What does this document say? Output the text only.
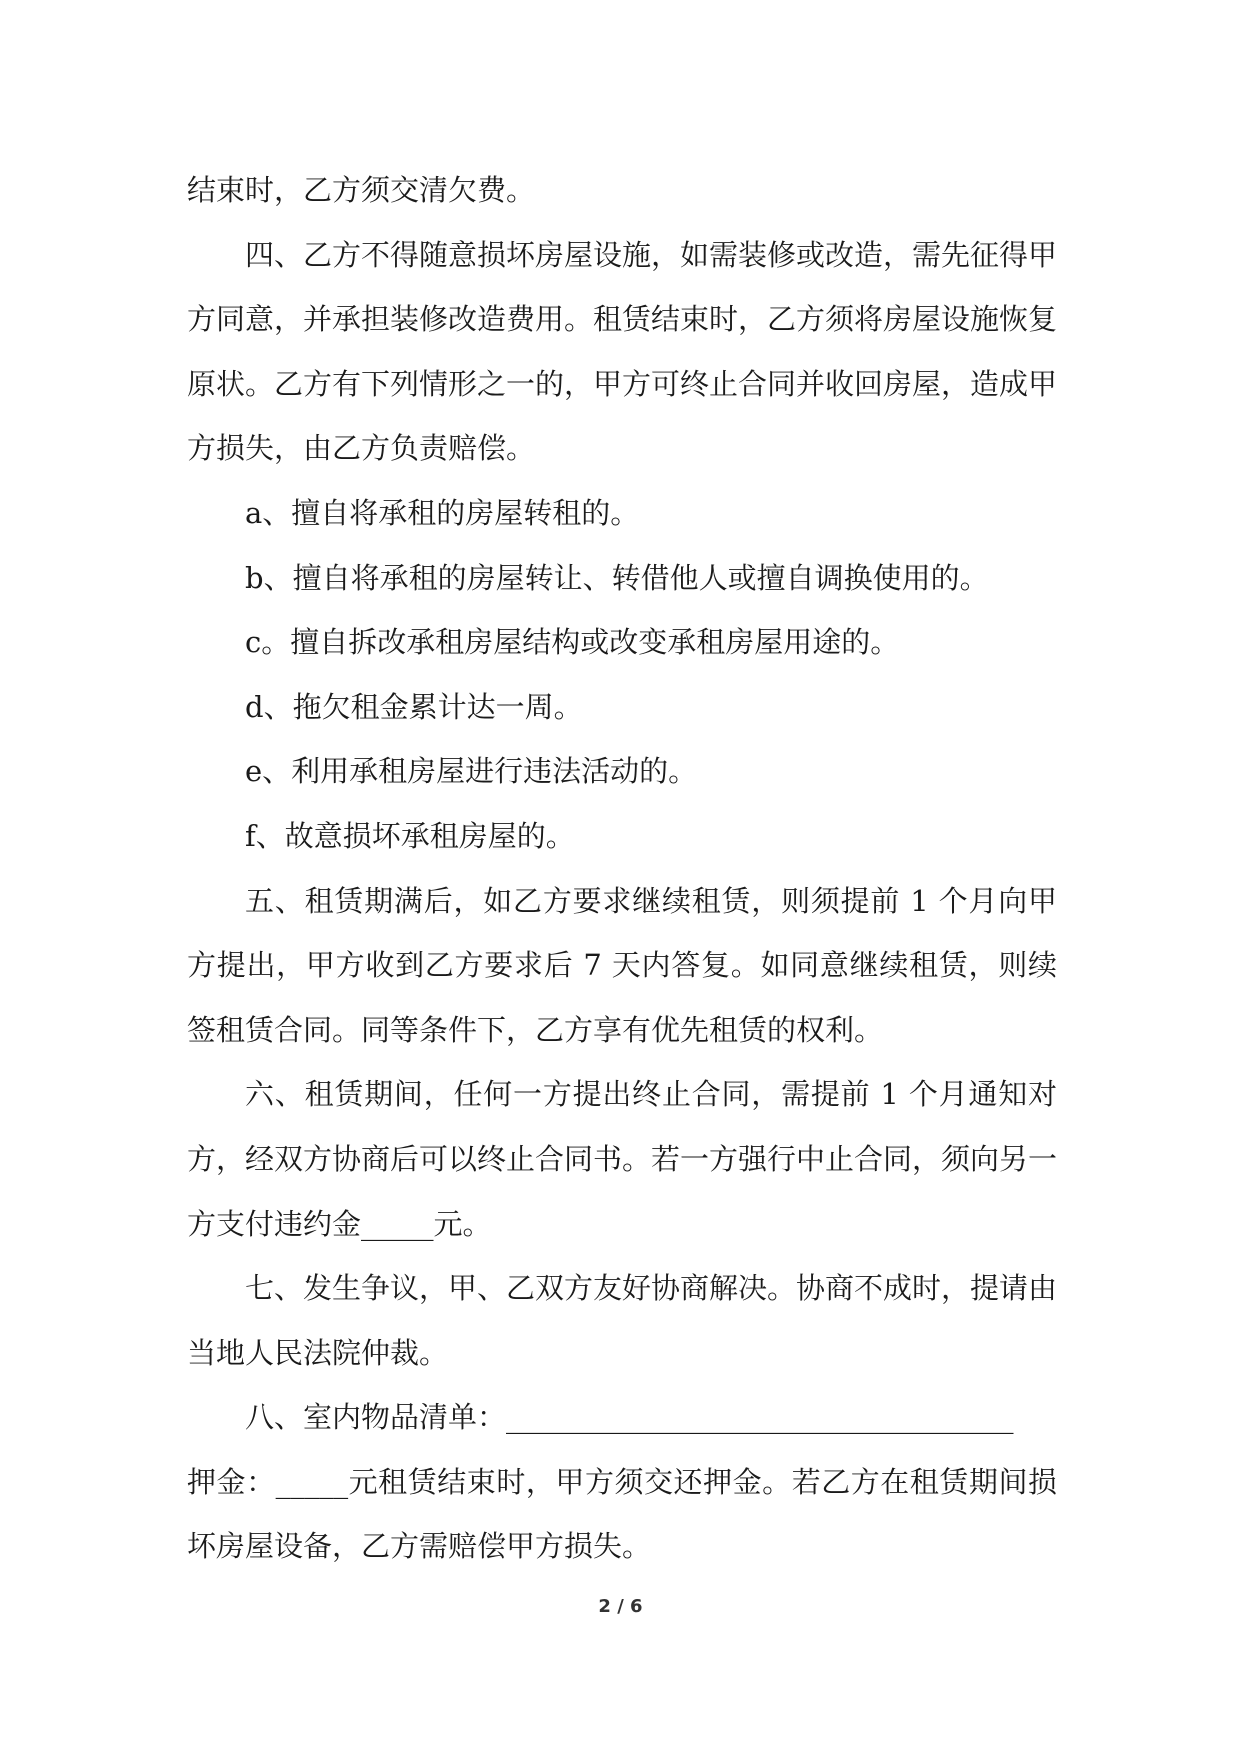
结束时，乙方须交清欠费。

四、乙方不得随意损坏房屋设施，如需装修或改造，需先征得甲方同意，并承担装修改造费用。租赁结束时，乙方须将房屋设施恢复原状。乙方有下列情形之一的，甲方可终止合同并收回房屋，造成甲方损失，由乙方负责赔偿。

a、擅自将承租的房屋转租的。

b、擅自将承租的房屋转让、转借他人或擅自调换使用的。

c。擅自拆改承租房屋结构或改变承租房屋用途的。

d、拖欠租金累计达一周。

e、利用承租房屋进行违法活动的。

f、故意损坏承租房屋的。

五、租赁期满后，如乙方要求继续租赁，则须提前 1 个月向甲方提出，甲方收到乙方要求后 7 天内答复。如同意继续租赁，则续签租赁合同。同等条件下，乙方享有优先租赁的权利。

六、租赁期间，任何一方提出终止合同，需提前 1 个月通知对方，经双方协商后可以终止合同书。若一方强行中止合同，须向另一方支付违约金_____元。

七、发生争议，甲、乙双方友好协商解决。协商不成时，提请由当地人民法院仲裁。

八、室内物品清单：___________________________________

押金：_____元租赁结束时，甲方须交还押金。若乙方在租赁期间损坏房屋设备，乙方需赔偿甲方损失。

2 / 6
